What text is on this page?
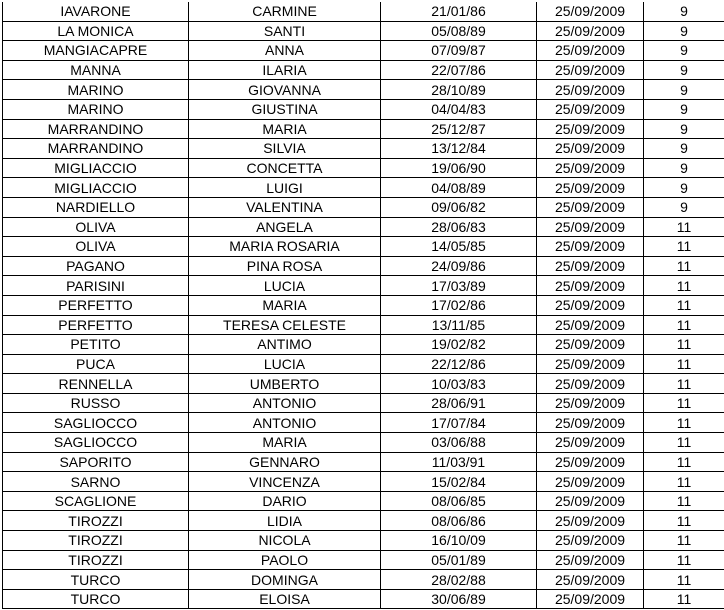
IAVARONE	CARMINE	21/01/86	25/09/2009	9
LA MONICA	SANTI	05/08/89	25/09/2009	9
MANGIACAPRE	ANNA	07/09/87	25/09/2009	9
MANNA	ILARIA	22/07/86	25/09/2009	9
MARINO	GIOVANNA	28/10/89	25/09/2009	9
MARINO	GIUSTINA	04/04/83	25/09/2009	9
MARRANDINO	MARIA	25/12/87	25/09/2009	9
MARRANDINO	SILVIA	13/12/84	25/09/2009	9
MIGLIACCIO	CONCETTA	19/06/90	25/09/2009	9
MIGLIACCIO	LUIGI	04/08/89	25/09/2009	9
NARDIELLO	VALENTINA	09/06/82	25/09/2009	9
OLIVA	ANGELA	28/06/83	25/09/2009	11
OLIVA	MARIA ROSARIA	14/05/85	25/09/2009	11
PAGANO	PINA ROSA	24/09/86	25/09/2009	11
PARISINI	LUCIA	17/03/89	25/09/2009	11
PERFETTO	MARIA	17/02/86	25/09/2009	11
PERFETTO	TERESA CELESTE	13/11/85	25/09/2009	11
PETITO	ANTIMO	19/02/82	25/09/2009	11
PUCA	LUCIA	22/12/86	25/09/2009	11
RENNELLA	UMBERTO	10/03/83	25/09/2009	11
RUSSO	ANTONIO	28/06/91	25/09/2009	11
SAGLIOCCO	ANTONIO	17/07/84	25/09/2009	11
SAGLIOCCO	MARIA	03/06/88	25/09/2009	11
SAPORITO	GENNARO	11/03/91	25/09/2009	11
SARNO	VINCENZA	15/02/84	25/09/2009	11
SCAGLIONE	DARIO	08/06/85	25/09/2009	11
TIROZZI	LIDIA	08/06/86	25/09/2009	11
TIROZZI	NICOLA	16/10/09	25/09/2009	11
TIROZZI	PAOLO	05/01/89	25/09/2009	11
TURCO	DOMINGA	28/02/88	25/09/2009	11
TURCO	ELOISA	30/06/89	25/09/2009	11
